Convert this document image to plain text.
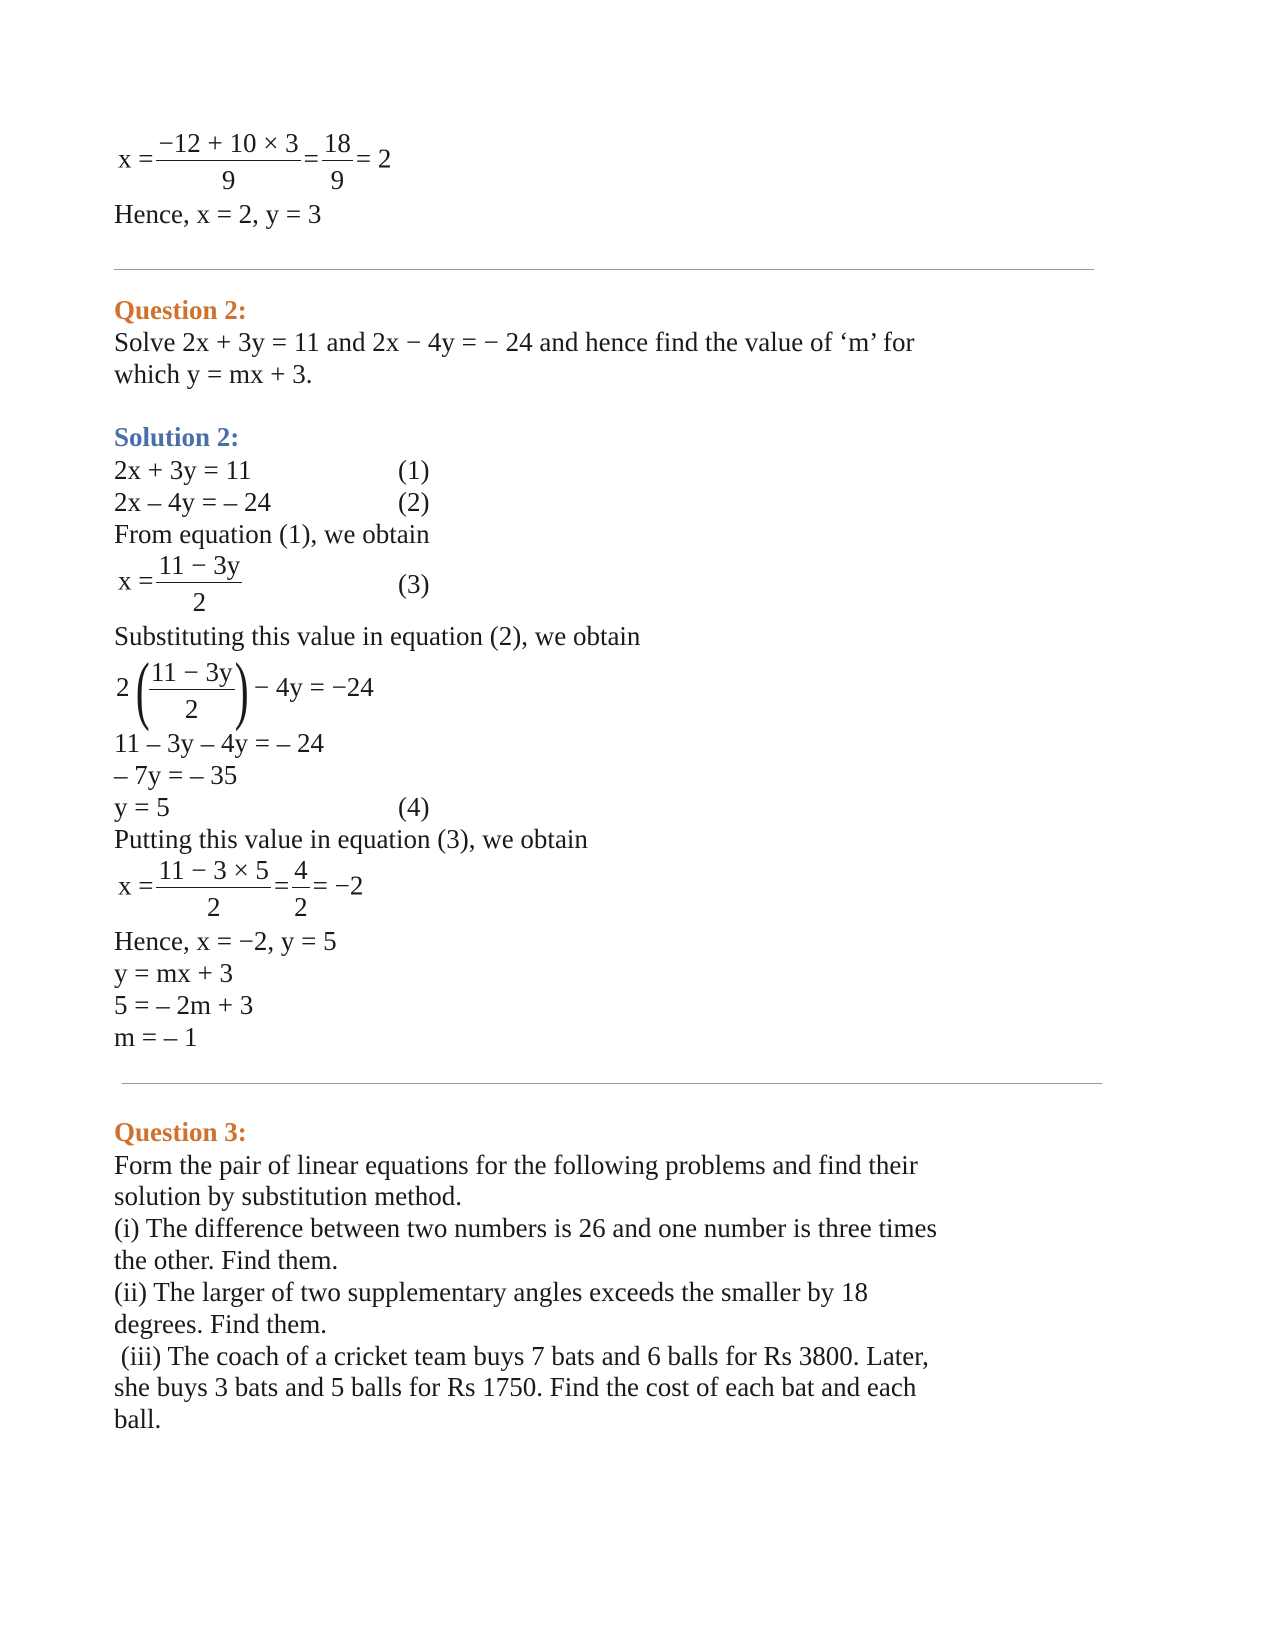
$x = \frac{-12 + 10 \times 3}{9} = \frac{18}{9} = 2$
Hence, x = 2, y = 3
Question 2:
Solve 2x + 3y = 11 and 2x − 4y = − 24 and hence find the value of ‘m’ for
which y = mx + 3.
Solution 2:
2x + 3y = 11	(1)
2x – 4y = – 24	(2)
From equation (1), we obtain
$x = \frac{11 - 3y}{2}$	(3)
Substituting this value in equation (2), we obtain
$2( \frac{11 - 3y}{2}$ ) − 4y = −24
11 – 3y – 4y = – 24
– 7y = – 35
y = 5	(4)
Putting this value in equation (3), we obtain
$x = \frac{11 - 3 \times 5}{2} = \frac{4}{2} = -2$
Hence, x = −2, y = 5
y = mx + 3
5 = – 2m + 3
m = – 1
Question 3:
Form the pair of linear equations for the following problems and find their
solution by substitution method.
(i) The difference between two numbers is 26 and one number is three times
the other. Find them.
(ii) The larger of two supplementary angles exceeds the smaller by 18
degrees. Find them.
(iii) The coach of a cricket team buys 7 bats and 6 balls for Rs 3800. Later,
she buys 3 bats and 5 balls for Rs 1750. Find the cost of each bat and each
ball.
